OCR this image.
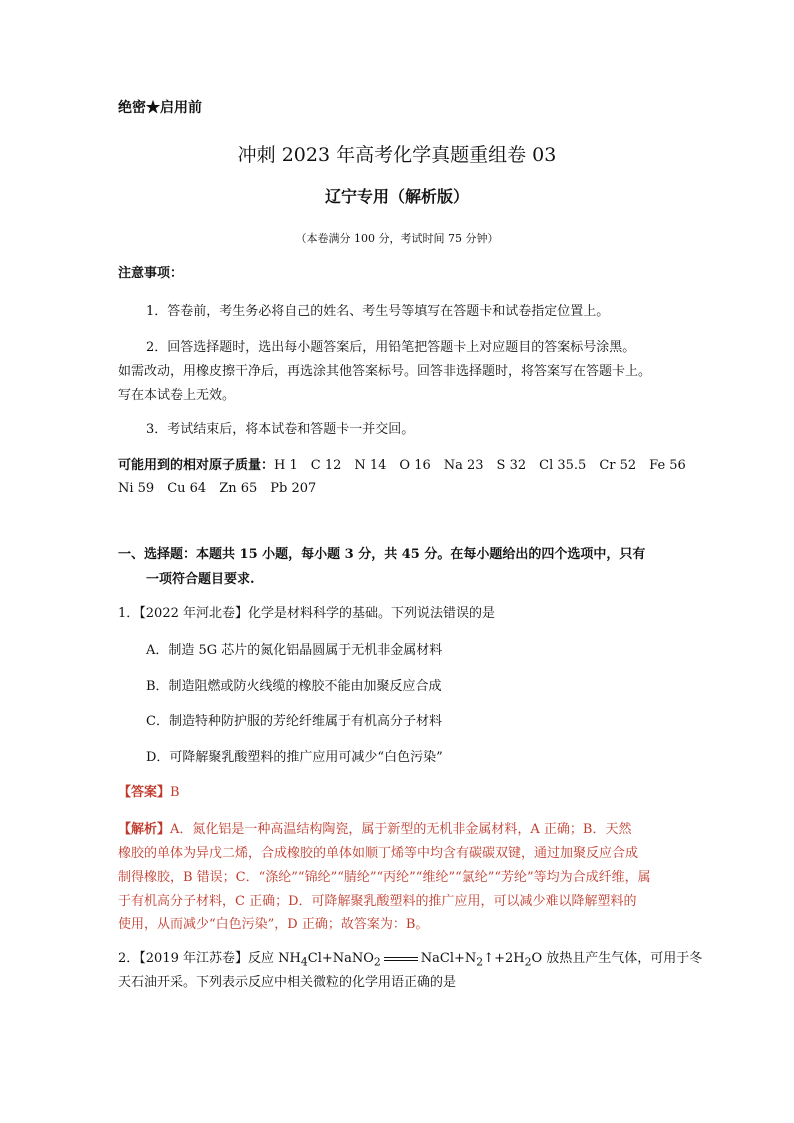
绝密★启用前
冲刺 2023 年高考化学真题重组卷 03
辽宁专用（解析版）
（本卷满分 100 分，考试时间 75 分钟）
注意事项：
1．答卷前，考生务必将自己的姓名、考生号等填写在答题卡和试卷指定位置上。
2．回答选择题时，选出每小题答案后，用铅笔把答题卡上对应题目的答案标号涂黑。
如需改动，用橡皮擦干净后，再选涂其他答案标号。回答非选择题时，将答案写在答题卡上。
写在本试卷上无效。
3．考试结束后，将本试卷和答题卡一并交回。
可能用到的相对原子质量：H 1　C 12　N 14　O 16　Na 23　S 32　Cl 35.5　Cr 52　Fe 56
Ni 59　Cu 64　Zn 65　Pb 207
一、选择题：本题共 15 小题，每小题 3 分，共 45 分。在每小题给出的四个选项中，只有
一项符合题目要求.
1．【2022 年河北卷】化学是材料科学的基础。下列说法错误的是
A．制造 5G 芯片的氮化铝晶圆属于无机非金属材料
B．制造阻燃或防火线缆的橡胶不能由加聚反应合成
C．制造特种防护服的芳纶纤维属于有机高分子材料
D．可降解聚乳酸塑料的推广应用可减少“白色污染”
【答案】B
【解析】A．氮化铝是一种高温结构陶瓷，属于新型的无机非金属材料，A 正确；B．天然
橡胶的单体为异戊二烯，合成橡胶的单体如顺丁烯等中均含有碳碳双键，通过加聚反应合成
制得橡胶，B 错误；C．“涤纶”“锦纶”“腈纶”“丙纶”“维纶”“氯纶”“芳纶”等均为合成纤维，属
于有机高分子材料，C 正确；D．可降解聚乳酸塑料的推广应用，可以减少难以降解塑料的
使用，从而减少“白色污染”，D 正确；故答案为：B。
2．【2019 年江苏卷】反应 $NH_4Cl+NaNO_2$	$NaCl+N_2↑+2H_2O$ 放热且产生气体，可用于冬
天石油开采。下列表示反应中相关微粒的化学用语正确的是
